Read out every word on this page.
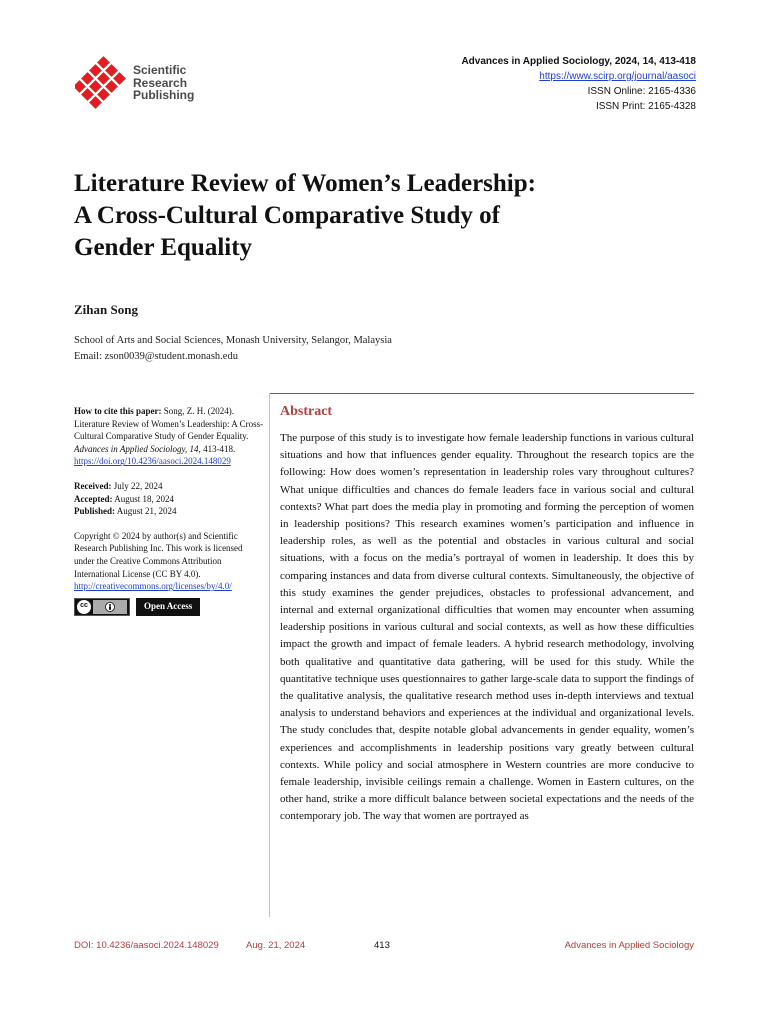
Scientific
Research
Publishing
Advances in Applied Sociology, 2024, 14, 413-418
https://www.scirp.org/journal/aasoci
ISSN Online: 2165-4336
ISSN Print: 2165-4328
Literature Review of Women’s Leadership:
A Cross-Cultural Comparative Study of
Gender Equality
Zihan Song
School of Arts and Social Sciences, Monash University, Selangor, Malaysia
Email: zson0039@student.monash.edu

How to cite this paper: Song, Z. H. (2024). Literature Review of Women’s Leadership: A Cross-Cultural Comparative Study of Gender Equality. Advances in Applied Sociology, 14, 413-418.
https://doi.org/10.4236/aasoci.2024.148029

Received: July 22, 2024

Accepted: August 18, 2024

Published: August 21, 2024

Copyright © 2024 by author(s) and Scientific Research Publishing Inc. This work is licensed under the Creative Commons Attribution International License (CC BY 4.0).

http://creativecommons.org/licenses/by/4.0/

cc	Open Access
Abstract
The purpose of this study is to investigate how female leadership functions in various cultural situations and how that influences gender equality. Throughout the research topics are the following: How does women’s representation in leadership roles vary throughout cultures? What unique difficulties and chances do female leaders face in various social and cultural contexts? What part does the media play in promoting and forming the perception of women in leadership positions? This research examines women’s participation and influence in leadership roles, as well as the potential and obstacles in various cultural and social situations, with a focus on the media’s portrayal of women in leadership. It does this by comparing instances and data from diverse cultural contexts. Simultaneously, the objective of this study examines the gender prejudices, obstacles to professional advancement, and internal and external organizational difficulties that women may encounter when assuming leadership positions in various cultural and social contexts, as well as how these difficulties impact the growth and impact of female leaders. A hybrid research methodology, involving both qualitative and quantitative data gathering, will be used for this study. While the quantitative technique uses questionnaires to gather large-scale data to support the findings of the qualitative analysis, the qualitative research method uses in-depth interviews and textual analysis to understand behaviors and experiences at the individual and organizational levels. The study concludes that, despite notable global advancements in gender equality, women’s experiences and accomplishments in leadership positions vary greatly between cultural contexts. While policy and social atmosphere in Western countries are more conducive to female leadership, invisible ceilings remain a challenge. Women in Eastern cultures, on the other hand, strike a more difficult balance between societal expectations and the needs of the contemporary job. The way that women are portrayed as
DOI: 10.4236/aasoci.2024.148029	Aug. 21, 2024	413	Advances in Applied Sociology
